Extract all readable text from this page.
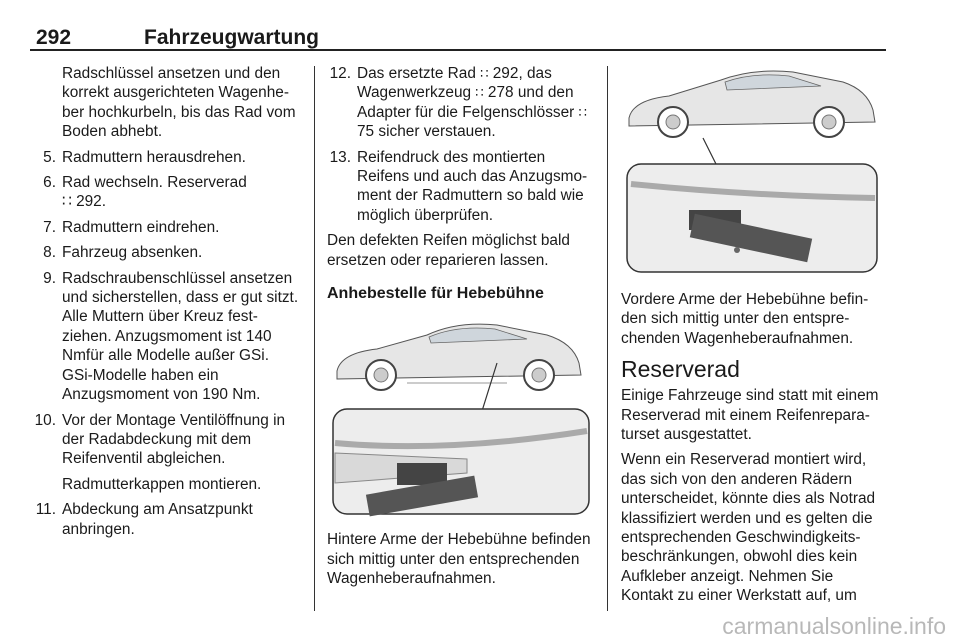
292	Fahrzeugwartung
Radschlüssel ansetzen und den korrekt ausgerichteten Wagenheber hochkurbeln, bis das Rad vom Boden abhebt.
5. Radmuttern herausdrehen.
6. Rad wechseln. Reserverad
∷ 292.
7. Radmuttern eindrehen.
8. Fahrzeug absenken.
9. Radschraubenschlüssel ansetzen und sicherstellen, dass er gut sitzt. Alle Muttern über Kreuz festziehen. Anzugsmoment ist 140 Nmfür alle Modelle außer GSi. GSi-Modelle haben ein Anzugsmoment von 190 Nm.
10. Vor der Montage Ventilöffnung in der Radabdeckung mit dem Reifenventil abgleichen.
Radmutterkappen montieren.
11. Abdeckung am Ansatzpunkt anbringen.
12. Das ersetzte Rad ∷ 292, das Wagenwerkzeug ∷ 278 und den Adapter für die Felgenschlösser ∷ 75 sicher verstauen.
13. Reifendruck des montierten Reifens und auch das Anzugsmoment der Radmuttern so bald wie möglich überprüfen.

Den defekten Reifen möglichst bald ersetzen oder reparieren lassen.

Anhebestelle für Hebebühne

Hintere Arme der Hebebühne befinden sich mittig unter den entsprechenden Wagenheberaufnahmen.

Vordere Arme der Hebebühne befinden sich mittig unter den entsprechenden Wagenheberaufnahmen.

Reserverad

Einige Fahrzeuge sind statt mit einem Reserverad mit einem Reifenreparaturset ausgestattet.

Wenn ein Reserverad montiert wird, das sich von den anderen Rädern unterscheidet, könnte dies als Notrad klassifiziert werden und es gelten die entsprechenden Geschwindigkeitsbeschränkungen, obwohl dies kein Aufkleber anzeigt. Nehmen Sie Kontakt zu einer Werkstatt auf, um

carmanualsonline.info
